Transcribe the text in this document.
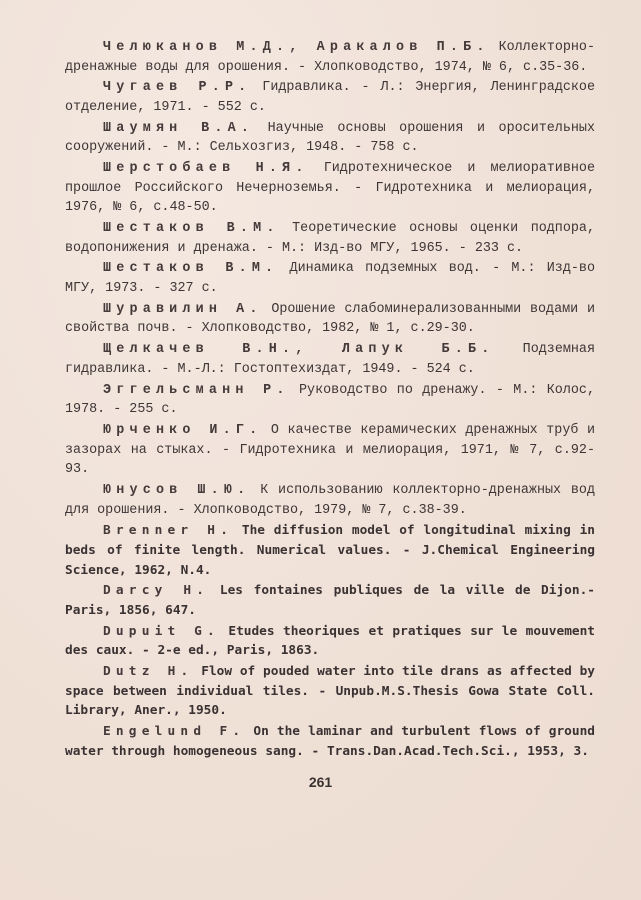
Челюканов М.Д., Аракалов П.Б. Коллекторно-дренажные воды для орошения. - Хлопководство, 1974, № 6, с.35-36.

Чугаев Р.Р. Гидравлика. - Л.: Энергия, Ленинградское отделение, 1971. - 552 с.

Шаумян В.А. Научные основы орошения и оросительных сооружений. - М.: Сельхозгиз, 1948. - 758 с.

Шерстобаев Н.Я. Гидротехническое и мелиоративное прошлое Российского Нечерноземья. - Гидротехника и мелиорация, 1976, № 6, с.48-50.

Шестаков В.М. Теоретические основы оценки подпора, водопонижения и дренажа. - М.: Изд-во МГУ, 1965. - 233 с.

Шестаков В.М. Динамика подземных вод. - М.: Изд-во МГУ, 1973. - 327 с.

Шуравилин А. Орошение слабоминерализованными водами и свойства почв. - Хлопководство, 1982, № 1, с.29-30.

Щелкачев В.Н., Лапук Б.Б. Подземная гидравлика. - М.-Л.: Гостоптехиздат, 1949. - 524 с.

Эггельсманн Р. Руководство по дренажу. - М.: Колос, 1978. - 255 с.

Юрченко И.Г. О качестве керамических дренажных труб и зазорах на стыках. - Гидротехника и мелиорация, 1971, № 7, с.92-93.

Юнусов Ш.Ю. К использованию коллекторно-дренажных вод для орошения. - Хлопководство, 1979, № 7, с.38-39.

Brenner H. The diffusion model of longitudinal mixing in beds of finite length. Numerical values. - J.Chemical Engineering Science, 1962, N.4.

Darcy H. Les fontaines publiques de la ville de Dijon.- Paris, 1856, 647.

Dupuit G. Etudes theoriques et pratiques sur le mouvement des caux. - 2-e ed., Paris, 1863.

Dutz H. Flow of pouded water into tile drans as affected by space between individual tiles. - Unpub.M.S.Thesis Gowa State Coll. Library, Aner., 1950.

Engelund F. On the laminar and turbulent flows of ground water through homogeneous sang. - Trans.Dan.Acad.Tech.Sci., 1953, 3.

261
